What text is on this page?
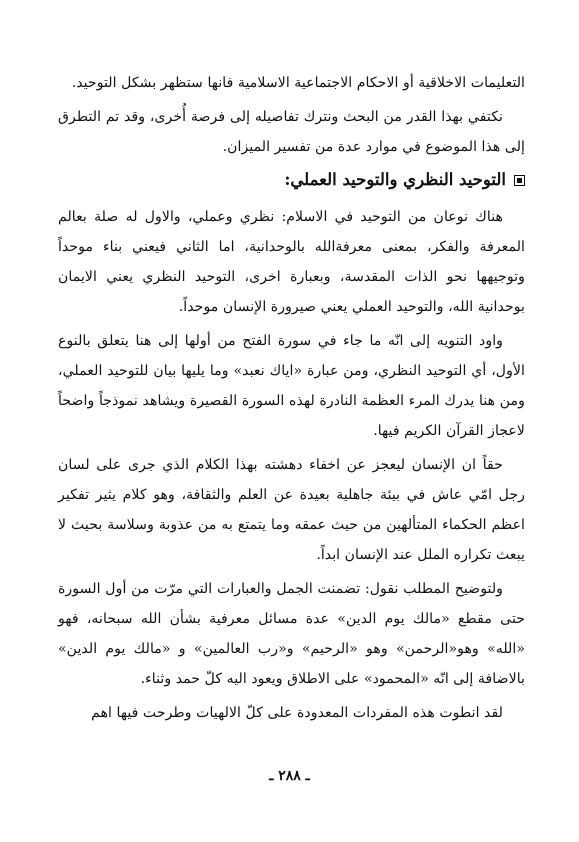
التعليمات الاخلاقية أو الاحكام الاجتماعية الاسلامية فانها ستظهر بشكل التوحيد.

نكتفي بهذا القدر من البحث ونترك تفاصيله إلى فرصة أُخرى، وقد تم التطرق إلى هذا الموضوع في موارد عدة من تفسير الميزان.

التوحيد النظري والتوحيد العملي:

هناك نوعان من التوحيد في الاسلام: نظري وعملي، والاول له صلة بعالم المعرفة والفكر، بمعنى معرفةالله بالوحدانية، اما الثاني فيعني بناء موحداً وتوجيهها نحو الذات المقدسة، وبعبارة اخرى، التوحيد النظري يعني الايمان بوحدانية الله، والتوحيد العملي يعني صيرورة الإنسان موحداً.

واود التنويه إلى انّه ما جاء في سورة الفتح من أولها إلى هنا يتعلق بالنوع الأول، أي التوحيد النظري، ومن عبارة «اياك نعبد» وما يليها بيان للتوحيد العملي، ومن هنا يدرك المرء العظمة النادرة لهذه السورة القصيرة ويشاهد نموذجاً واضحاً لاعجاز القرآن الكريم فيها.

حقاً ان الإنسان ليعجز عن اخفاء دهشته بهذا الكلام الذي جرى على لسان رجل امّي عاش في بيئة جاهلية بعيدة عن العلم والثقافة، وهو كلام يثير تفكير اعظم الحكماء المتألهين من حيث عمقه وما يتمتع به من عذوبة وسلاسة بحيث لا يبعث تكراره الملل عند الإنسان ابداً.

ولتوضيح المطلب نقول: تضمنت الجمل والعبارات التي مرّت من أول السورة حتى مقطع «مالك يوم الدين» عدة مسائل معرفية بشأن الله سبحانه، فهو «الله» وهو«الرحمن» وهو «الرحيم» و«رب العالمين» و «مالك يوم الدين» بالاضافة إلى انّه «المحمود» على الاطلاق ويعود اليه كلّ حمد وثناء.

لقد انطوت هذه المفردات المعدودة على كلّ الالهيات وطرحت فيها اهم

ـ ٢٨٨ ـ
